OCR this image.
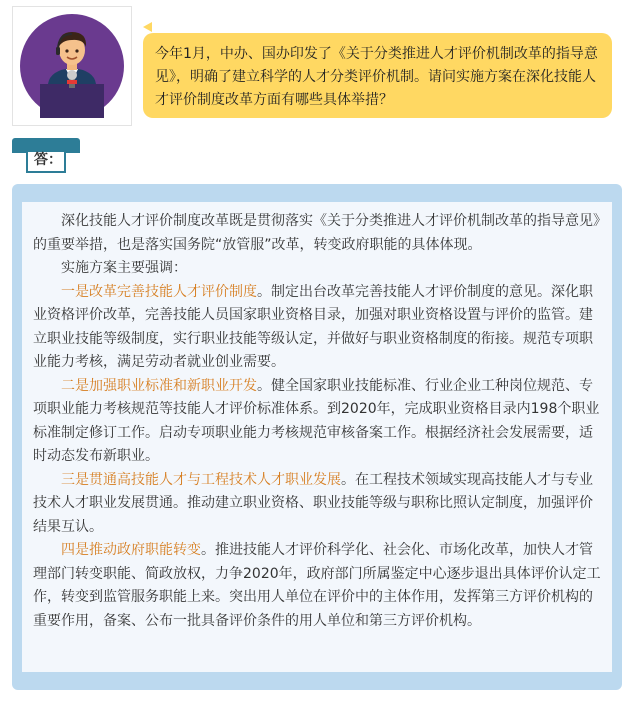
今年1月，中办、国办印发了《关于分类推进人才评价机制改革的指导意见》，明确了建立科学的人才分类评价机制。请问实施方案在深化技能人才评价制度改革方面有哪些具体举措？
答：

深化技能人才评价制度改革既是贯彻落实《关于分类推进人才评价机制改革的指导意见》的重要举措，也是落实国务院“放管服”改革，转变政府职能的具体体现。

实施方案主要强调：

一是改革完善技能人才评价制度。制定出台改革完善技能人才评价制度的意见。深化职业资格评价改革，完善技能人员国家职业资格目录，加强对职业资格设置与评价的监管。建立职业技能等级制度，实行职业技能等级认定，并做好与职业资格制度的衔接。规范专项职业能力考核，满足劳动者就业创业需要。

二是加强职业标准和新职业开发。健全国家职业技能标准、行业企业工种岗位规范、专项职业能力考核规范等技能人才评价标准体系。到2020年，完成职业资格目录内198个职业标准制定修订工作。启动专项职业能力考核规范审核备案工作。根据经济社会发展需要，适时动态发布新职业。

三是贯通高技能人才与工程技术人才职业发展。在工程技术领域实现高技能人才与专业技术人才职业发展贯通。推动建立职业资格、职业技能等级与职称比照认定制度，加强评价结果互认。

四是推动政府职能转变。推进技能人才评价科学化、社会化、市场化改革，加快人才管理部门转变职能、简政放权，力争2020年，政府部门所属鉴定中心逐步退出具体评价认定工作，转变到监管服务职能上来。突出用人单位在评价中的主体作用，发挥第三方评价机构的重要作用，备案、公布一批具备评价条件的用人单位和第三方评价机构。
